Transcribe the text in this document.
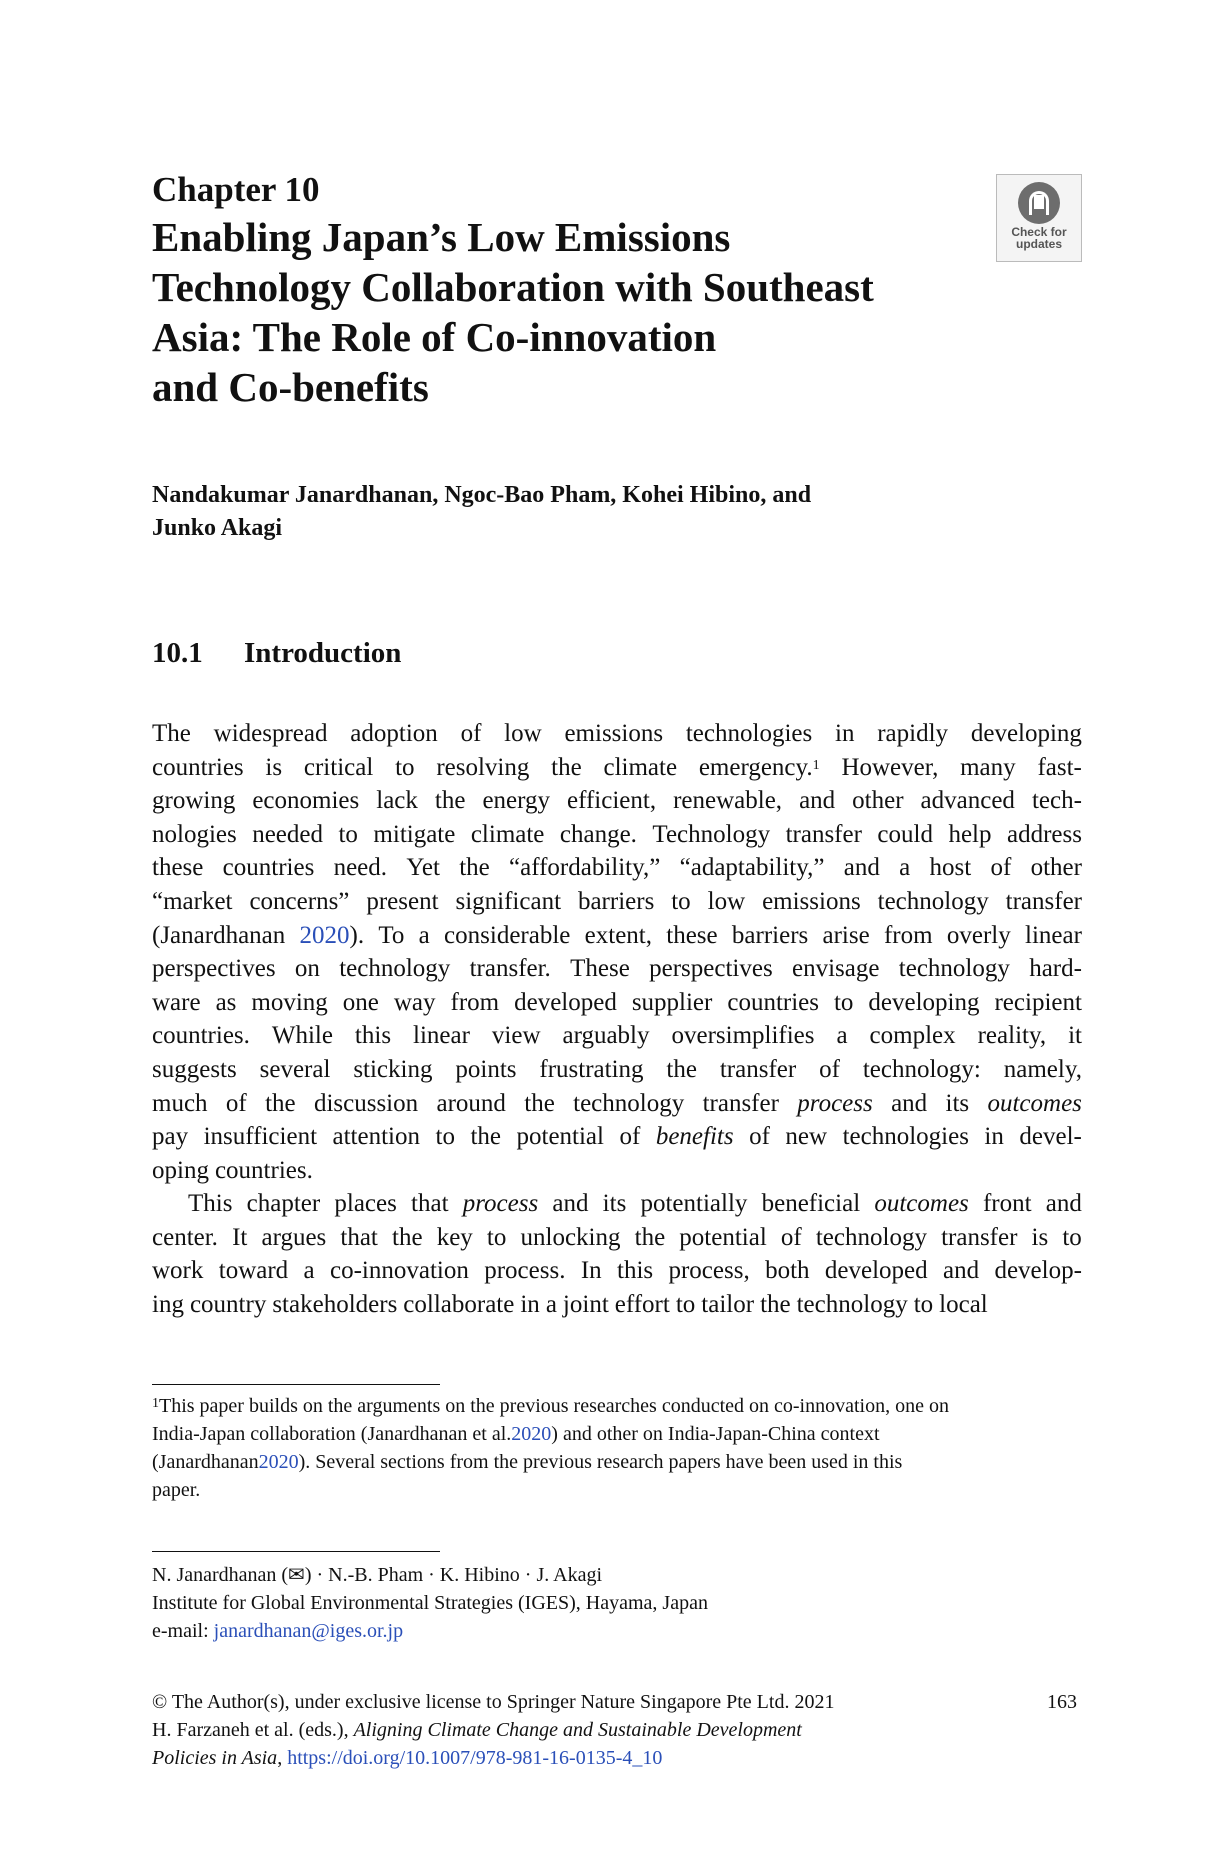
Chapter 10
Enabling Japan’s Low Emissions
Technology Collaboration with Southeast
Asia: The Role of Co-innovation
and Co-benefits
Check for
updates
Nandakumar Janardhanan, Ngoc-Bao Pham, Kohei Hibino, and
Junko Akagi
10.1 Introduction
The widespread adoption of low emissions technologies in rapidly developing
countries is critical to resolving the climate emergency.$^1$ However, many fast-
growing economies lack the energy efficient, renewable, and other advanced tech-
nologies needed to mitigate climate change. Technology transfer could help address
these countries need. Yet the “affordability,” “adaptability,” and a host of other
“market concerns” present significant barriers to low emissions technology transfer
(Janardhanan 2020). To a considerable extent, these barriers arise from overly linear
perspectives on technology transfer. These perspectives envisage technology hard-
ware as moving one way from developed supplier countries to developing recipient
countries. While this linear view arguably oversimplifies a complex reality, it
suggests several sticking points frustrating the transfer of technology: namely,
much of the discussion around the technology transfer process and its outcomes
pay insufficient attention to the potential of benefits of new technologies in devel-
oping countries.
This chapter places that process and its potentially beneficial outcomes front and
center. It argues that the key to unlocking the potential of technology transfer is to
work toward a co-innovation process. In this process, both developed and develop-
ing country stakeholders collaborate in a joint effort to tailor the technology to local
$^1$This paper builds on the arguments on the previous researches conducted on co-innovation, one on
India-Japan collaboration (Janardhanan et al. 2020 ) and other on India-Japan-China context
(Janardhanan 2020 ). Several sections from the previous research papers have been used in this
paper.
N. Janardhanan (✉) · N.-B. Pham · K. Hibino · J. Akagi
Institute for Global Environmental Strategies (IGES), Hayama, Japan
e-mail: janardhanan@iges.or.jp
© The Author(s), under exclusive license to Springer Nature Singapore Pte Ltd. 2021
H. Farzaneh et al. (eds.), Aligning Climate Change and Sustainable Development
Policies in Asia, https://doi.org/10.1007/978-981-16-0135-4_10
163
